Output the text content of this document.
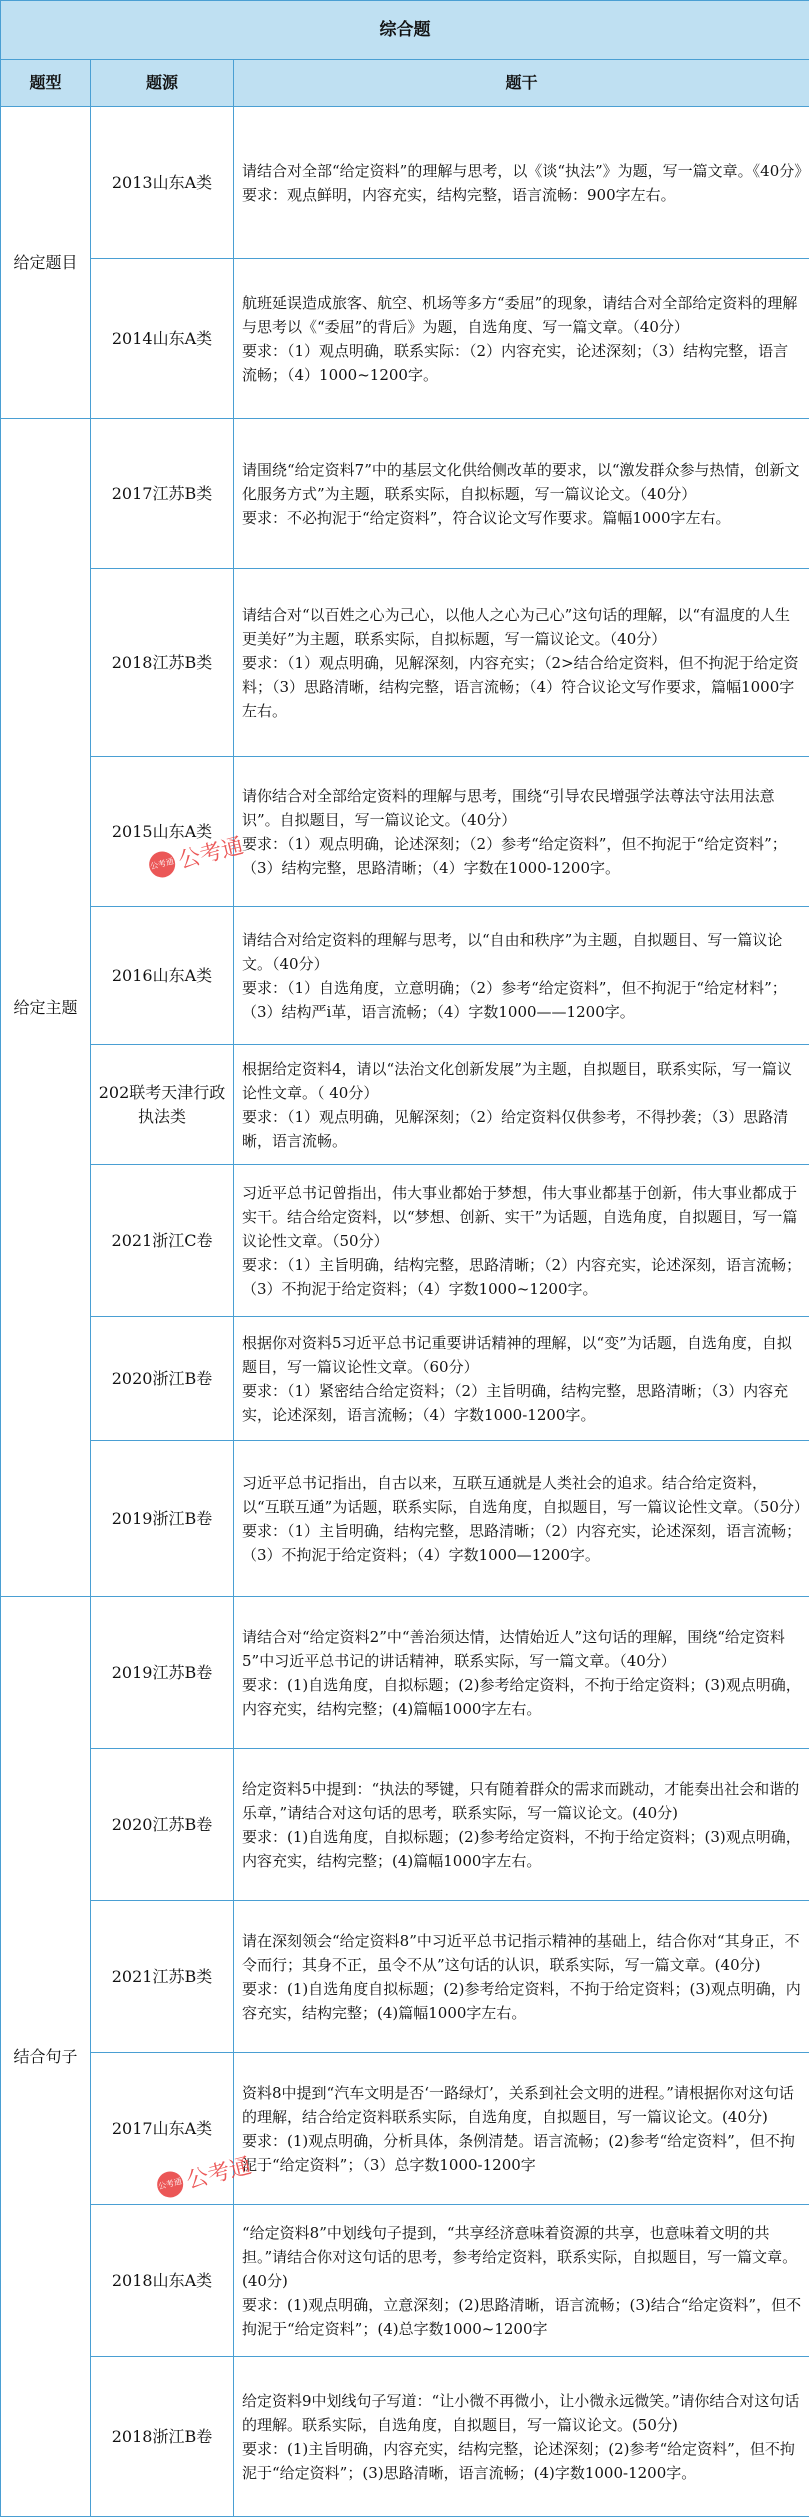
综合题		
题型	题源	题干
给定题目	2013山东A类	请结合对全部“给定资料”的理解与思考，以《谈“执法”》为题，写一篇文章。《40分》
要求：观点鲜明，内容充实，结构完整，语言流畅：900字左右。

	2014山东A类	航班延误造成旅客、航空、机场等多方“委屈”的现象，请结合对全部给定资料的理解与思考以《“委屈”的背后》为题，自选角度、写一篇文章。（40分）
要求：（1）观点明确，联系实际：（2）内容充实，论述深刻；（3）结构完整，语言流畅；（4）1000~1200字。

给定主题	2017江苏B类	请围绕“给定资料7”中的基层文化供给侧改革的要求，以“激发群众参与热情，创新文化服务方式”为主题，联系实际，自拟标题，写一篇议论文。（40分）
要求：不必拘泥于“给定资料”，符合议论文写作要求。篇幅1000字左右。

	2018江苏B类	请结合对“以百姓之心为己心，以他人之心为己心”这句话的理解，以“有温度的人生更美好”为主题，联系实际，自拟标题，写一篇议论文。（40分）
要求：（1）观点明确，见解深刻，内容充实；（2>结合给定资料，但不拘泥于给定资料；（3）思路清晰，结构完整，语言流畅；（4）符合议论文写作要求，篇幅1000字左右。

	2015山东A类	请你结合对全部给定资料的理解与思考，围绕“引导农民增强学法尊法守法用法意识”。自拟题目，写一篇议论文。（40分）
要求：（1）观点明确，论述深刻；（2）参考“给定资料”，但不拘泥于“给定资料”；（3）结构完整，思路清晰；（4）字数在1000-1200字。

	2016山东A类	请结合对给定资料的理解与思考，以“自由和秩序”为主题，自拟题目、写一篇议论文。（40分）
要求：（1）自选角度，立意明确；（2）参考“给定资料”，但不拘泥于“给定材料”；（3）结构严i革，语言流畅；（4）字数1000——1200字。

	202联考天津行政执法类	根据给定资料4，请以“法治文化创新发展”为主题，自拟题目，联系实际，写一篇议论性文章。（ 40分）
要求：（1）观点明确，见解深刻；（2）给定资料仅供参考，不得抄袭；（3）思路清晰，语言流畅。

	2021浙江C卷	习近平总书记曾指出，伟大事业都始于梦想，伟大事业都基于创新，伟大事业都成于实干。结合给定资料，以“梦想、创新、实干”为话题，自选角度，自拟题目，写一篇议论性文章。（50分）
要求：（1）主旨明确，结构完整，思路清晰；（2）内容充实，论述深刻，语言流畅；（3）不拘泥于给定资料；（4）字数1000~1200字。

	2020浙江B卷	根据你对资料5习近平总书记重要讲话精神的理解，以“变”为话题，自选角度，自拟题目，写一篇议论性文章。（60分）
要求：（1）紧密结合给定资料；（2）主旨明确，结构完整，思路清晰；（3）内容充实，论述深刻，语言流畅；（4）字数1000-1200字。

	2019浙江B卷	习近平总书记指出，自古以来，互联互通就是人类社会的追求。结合给定资料，以“互联互通”为话题，联系实际，自选角度，自拟题目，写一篇议论性文章。（50分）
要求：（1）主旨明确，结构完整，思路清晰；（2）内容充实，论述深刻，语言流畅；（3）不拘泥于给定资料；（4）字数1000—1200字。

结合句子	2019江苏B卷	请结合对“给定资料2”中“善治须达情，达情始近人”这句话的理解，围绕“给定资料5”中习近平总书记的讲话精神，联系实际，写一篇文章。（40分）
要求：(1)自选角度，自拟标题；(2)参考给定资料，不拘于给定资料；(3)观点明确，内容充实，结构完整；(4)篇幅1000字左右。

	2020江苏B卷	给定资料5中提到：“执法的琴键，只有随着群众的需求而跳动，才能奏出社会和谐的乐章，”请结合对这句话的思考，联系实际，写一篇议论文。(40分)
要求：(1)自选角度，自拟标题；(2)参考给定资料，不拘于给定资料；(3)观点明确，内容充实，结构完整；(4)篇幅1000字左右。

	2021江苏B类	请在深刻领会“给定资料8”中习近平总书记指示精神的基础上，结合你对“其身正，不令而行；其身不正，虽令不从”这句话的认识，联系实际，写一篇文章。(40分)
要求：(1)自选角度自拟标题；(2)参考给定资料，不拘于给定资料；(3)观点明确，内容充实，结构完整；(4)篇幅1000字左右。

	2017山东A类	资料8中提到“汽车文明是否‘一路绿灯’，关系到社会文明的进程。”请根据你对这句话的理解，结合给定资料联系实际，自选角度，自拟题目，写一篇议论文。(40分)
要求：(1)观点明确，分析具体，条例清楚。语言流畅；(2)参考“给定资料”，但不拘泥于“给定资料”；（3）总字数1000-1200字

	2018山东A类	“给定资料8”中划线句子提到，“共享经济意味着资源的共享，也意味着文明的共担。”请结合你对这句话的思考，参考给定资料，联系实际，自拟题目，写一篇文章。(40分)
要求：(1)观点明确，立意深刻；(2)思路清晰，语言流畅；(3)结合“给定资料”，但不拘泥于“给定资料”；(4)总字数1000~1200字

	2018浙江B卷	给定资料9中划线句子写道：“让小微不再微小，让小微永远微笑。”请你结合对这句话的理解。联系实际，自选角度，自拟题目，写一篇议论文。(50分)
要求：(1)主旨明确，内容充实，结构完整，论述深刻；(2)参考“给定资料”，但不拘泥于“给定资料”；(3)思路清晰，语言流畅；(4)字数1000-1200字。
公考通 公考通
公考通 公考通
